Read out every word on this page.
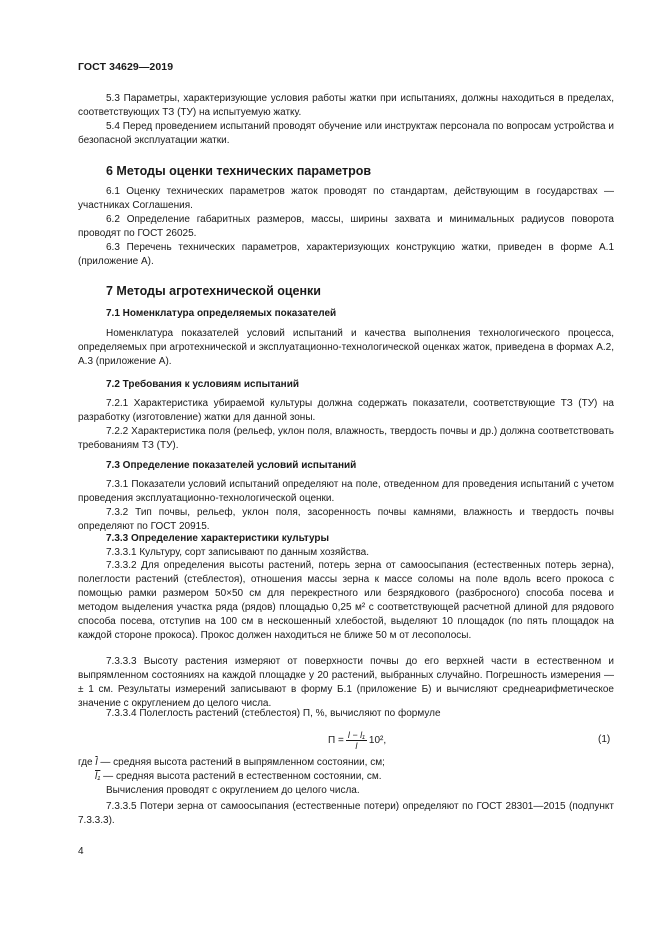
ГОСТ 34629—2019
5.3 Параметры, характеризующие условия работы жатки при испытаниях, должны находиться в пределах, соответствующих ТЗ (ТУ) на испытуемую жатку.
5.4 Перед проведением испытаний проводят обучение или инструктаж персонала по вопросам устройства и безопасной эксплуатации жатки.
6 Методы оценки технических параметров
6.1 Оценку технических параметров жаток проводят по стандартам, действующим в государствах — участниках Соглашения.
6.2 Определение габаритных размеров, массы, ширины захвата и минимальных радиусов поворота проводят по ГОСТ 26025.
6.3 Перечень технических параметров, характеризующих конструкцию жатки, приведен в форме А.1 (приложение А).
7 Методы агротехнической оценки
7.1 Номенклатура определяемых показателей
Номенклатура показателей условий испытаний и качества выполнения технологического процесса, определяемых при агротехнической и эксплуатационно-технологической оценках жаток, приведена в формах А.2, А.3 (приложение А).
7.2 Требования к условиям испытаний
7.2.1 Характеристика убираемой культуры должна содержать показатели, соответствующие ТЗ (ТУ) на разработку (изготовление) жатки для данной зоны.
7.2.2 Характеристика поля (рельеф, уклон поля, влажность, твердость почвы и др.) должна соответствовать требованиям ТЗ (ТУ).
7.3 Определение показателей условий испытаний
7.3.1 Показатели условий испытаний определяют на поле, отведенном для проведения испытаний с учетом проведения эксплуатационно-технологической оценки.
7.3.2 Тип почвы, рельеф, уклон поля, засоренность почвы камнями, влажность и твердость почвы определяют по ГОСТ 20915.
7.3.3 Определение характеристики культуры
7.3.3.1 Культуру, сорт записывают по данным хозяйства.
7.3.3.2 Для определения высоты растений, потерь зерна от самоосыпания (естественных потерь зерна), полеглости растений (стеблестоя), отношения массы зерна к массе соломы на поле вдоль всего прокоса с помощью рамки размером 50×50 см для перекрестного или безрядкового (разбросного) способа посева и методом выделения участка ряда (рядов) площадью 0,25 м² с соответствующей расчетной длиной для рядового способа посева, отступив на 100 см в нескошенный хлебостой, выделяют 10 площадок (по пять площадок на каждой стороне прокоса). Прокос должен находиться не ближе 50 м от лесополосы.
7.3.3.3 Высоту растения измеряют от поверхности почвы до его верхней части в естественном и выпрямленном состояниях на каждой площадке у 20 растений, выбранных случайно. Погрешность измерения — ± 1 см. Результаты измерений записывают в форму Б.1 (приложение Б) и вычисляют среднеарифметическое значение с округлением до целого числа.
7.3.3.4 Полеглость растений (стеблестоя) П, %, вычисляют по формуле
$П = \frac{\text{l − l₁}}{l} 10^2$,	(1)
где $\overline{l}$ — средняя высота растений в выпрямленном состоянии, см;
l₁ — средняя высота растений в естественном состоянии, см.
Вычисления проводят с округлением до целого числа.
7.3.3.5 Потери зерна от самоосыпания (естественные потери) определяют по ГОСТ 28301—2015 (подпункт 7.3.3.3).
4
